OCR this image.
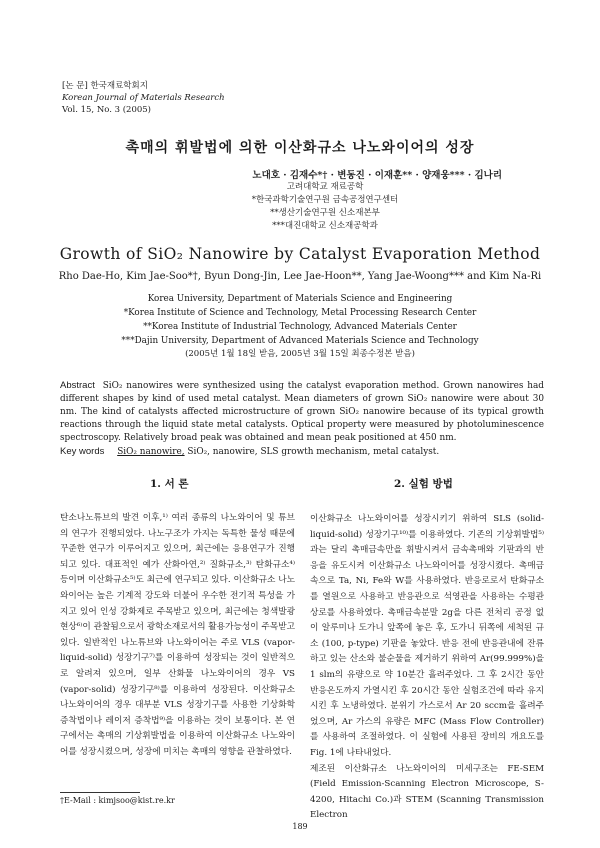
[논 문] 한국재료학회지
Korean Journal of Materials Research
Vol. 15, No. 3 (2005)
촉매의 휘발법에 의한 이산화규소 나노와이어의 성장
노대호 · 김재수*† · 변동진 · 이재훈** · 양재웅*** · 김나리
고려대학교 재료공학
*한국과학기술연구원 금속공정연구센터
**생산기술연구원 신소재본부
***대진대학교 신소재공학과
Growth of SiO₂ Nanowire by Catalyst Evaporation Method
Rho Dae-Ho, Kim Jae-Soo*†, Byun Dong-Jin, Lee Jae-Hoon**, Yang Jae-Woong*** and Kim Na-Ri
Korea University, Department of Materials Science and Engineering
*Korea Institute of Science and Technology, Metal Processing Research Center
**Korea Institute of Industrial Technology, Advanced Materials Center
***Dajin University, Department of Advanced Materials Science and Technology
(2005년 1월 18일 받음, 2005년 3월 15일 최종수정본 받음)
Abstract SiO₂ nanowires were synthesized using the catalyst evaporation method. Grown nanowires had different shapes by kind of used metal catalyst. Mean diameters of grown SiO₂ nanowire were about 30 nm. The kind of catalysts affected microstructure of grown SiO₂ nanowire because of its typical growth reactions through the liquid state metal catalysts. Optical property were measured by photoluminescence spectroscopy. Relatively broad peak was obtained and mean peak positioned at 450 nm.
Key words SiO₂ nanowire, SiO₂, nanowire, SLS growth mechanism, metal catalyst.
1. 서 론	2. 실험 방법

탄소나노튜브의 발견 이후,¹⁾ 여러 종류의 나노와이어 및 튜브의 연구가 진행되었다. 나노구조가 가지는 독특한 물성 때문에 꾸준한 연구가 이루어지고 있으며, 최근에는 응용연구가 진행되고 있다. 대표적인 예가 산화아연,²⁾ 질화규소,³⁾ 탄화규소⁴⁾ 등이며 이산화규소⁵⁾도 최근에 연구되고 있다. 이산화규소 나노와이어는 높은 기계적 강도와 더불어 우수한 전기적 특성을 가지고 있어 인성 강화제로 주목받고 있으며, 최근에는 청색발광현상⁶⁾이 관찰됨으로서 광학소재로서의 활용가능성이 주목받고 있다. 일반적인 나노튜브와 나노와이어는 주로 VLS (vapor-liquid-solid) 성장기구⁷⁾를 이용하여 성장되는 것이 일반적으로 알려져 있으며, 일부 산화물 나노와이어의 경우 VS (vapor-solid) 성장기구⁸⁾를 이용하여 성장된다. 이산화규소 나노와이어의 경우 대부분 VLS 성장기구를 사용한 기상화학증착법이나 레이저 증착법⁹⁾을 이용하는 것이 보통이다. 본 연구에서는 촉매의 기상휘발법을 이용하여 이산화규소 나노와이어를 성장시켰으며, 성장에 미치는 촉매의 영향을 관찰하였다.

이산화규소 나노와이어를 성장시키기 위하여 SLS (solid-liquid-solid) 성장기구¹⁰⁾를 이용하였다. 기존의 기상휘발법⁵⁾과는 달리 촉매금속만을 휘발시켜서 금속촉매와 기판과의 반응을 유도시켜 이산화규소 나노와이어를 성장시켰다. 촉매금속으로 Ta, Ni, Fe와 W를 사용하였다. 반응로로서 탄화규소를 열원으로 사용하고 반응관으로 석영관을 사용하는 수평관상로를 사용하였다. 촉매금속분말 2g을 다른 전처리 공정 없이 알루미나 도가니 앞쪽에 놓은 후, 도가니 뒤쪽에 세척된 규소 (100, p-type) 기판을 놓았다. 반응 전에 반응관내에 잔류하고 있는 산소와 불순물을 제거하기 위하여 Ar(99.999%)을 1 slm의 유량으로 약 10분간 흘려주었다. 그 후 2시간 동안 반응온도까지 가열시킨 후 20시간 동안 실험조건에 따라 유지시킨 후 노냉하였다. 분위기 가스로서 Ar 20 sccm을 흘려주었으며, Ar 가스의 유량은 MFC (Mass Flow Controller)를 사용하여 조절하였다. 이 실험에 사용된 장비의 개요도를 Fig. 1에 나타내었다.

제조된 이산화규소 나노와이어의 미세구조는 FE-SEM (Field Emission-Scanning Electron Microscope, S-4200, Hitachi Co.)과 STEM (Scanning Transmission Electron

†E-Mail : kimjsoo@kist.re.kr
189
